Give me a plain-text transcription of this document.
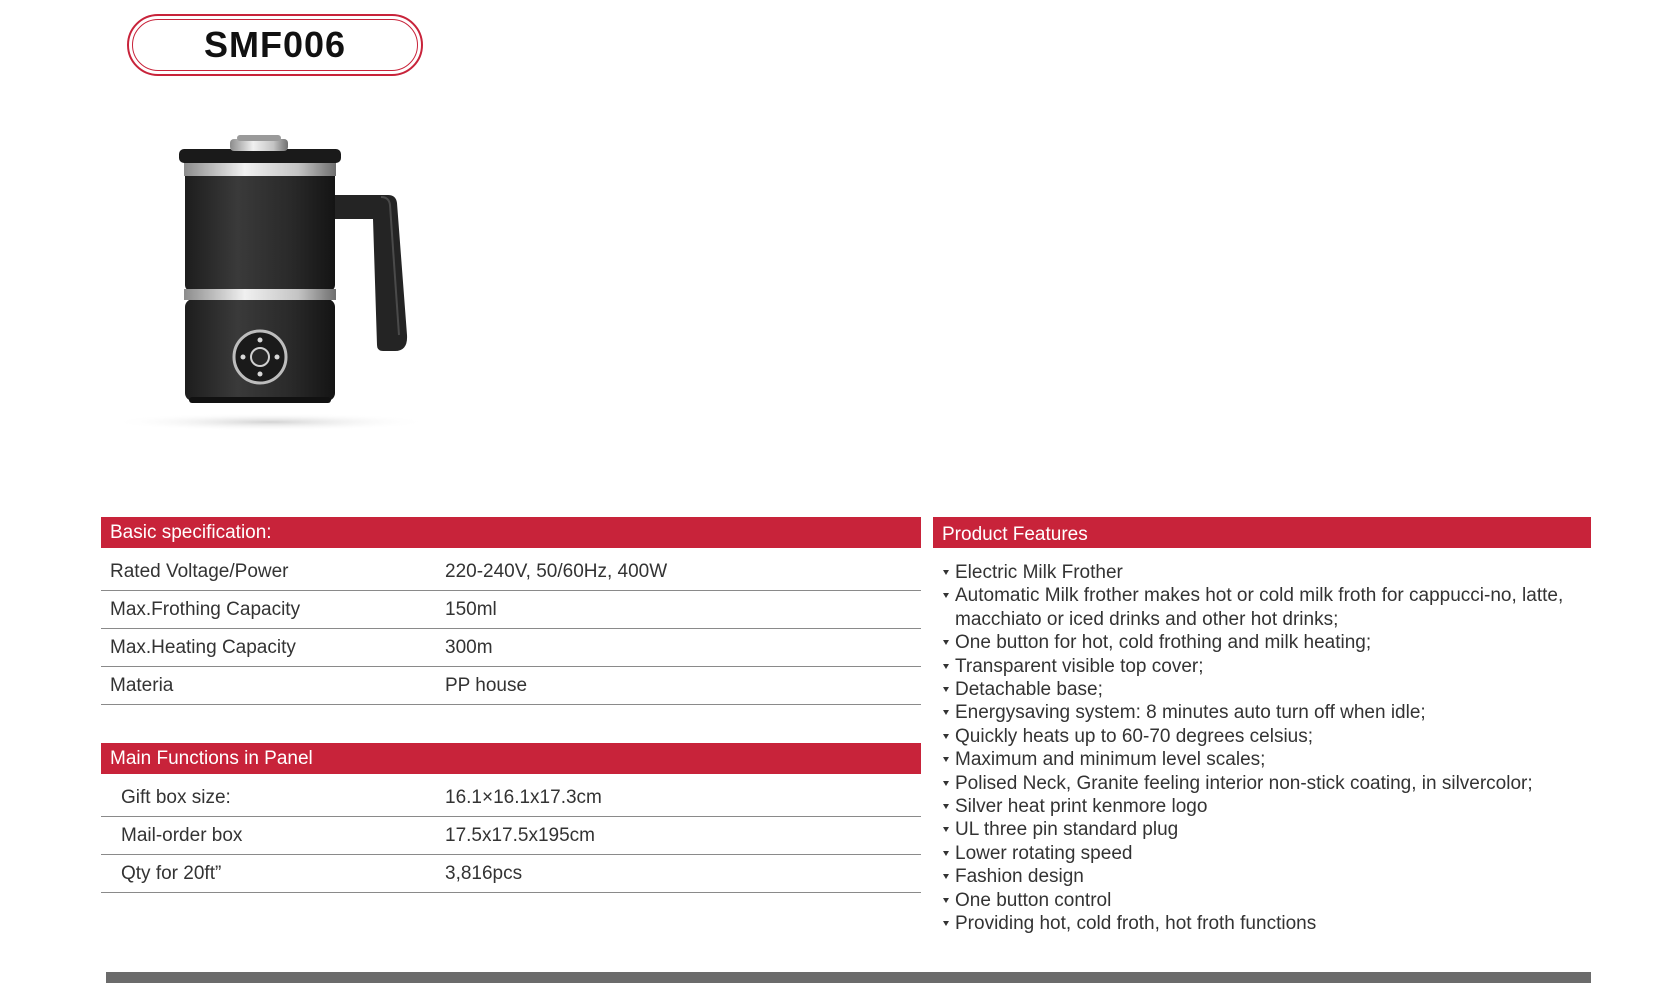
SMF006
Basic specification:
Rated Voltage/Power	220-240V, 50/60Hz, 400W
Max.Frothing Capacity	150ml
Max.Heating Capacity	300m
Materia	PP house
Main Functions in Panel
Gift box size:	16.1×16.1x17.3cm
Mail-order box	17.5x17.5x195cm
Qty for 20ft”	3,816pcs
Product Features
Electric Milk Frother
Automatic Milk frother makes hot or cold milk froth for cappucci-no, latte, macchiato or iced drinks and other hot drinks;
One button for hot, cold frothing and milk heating;
Transparent visible top cover;
Detachable base;
Energysaving system: 8 minutes auto turn off when idle;
Quickly heats up to 60-70 degrees celsius;
Maximum and minimum level scales;
Polised Neck, Granite feeling interior non-stick coating, in silvercolor;
Silver heat print kenmore logo
UL three pin standard plug
Lower rotating speed
Fashion design
One button control
Providing hot, cold froth, hot froth functions
